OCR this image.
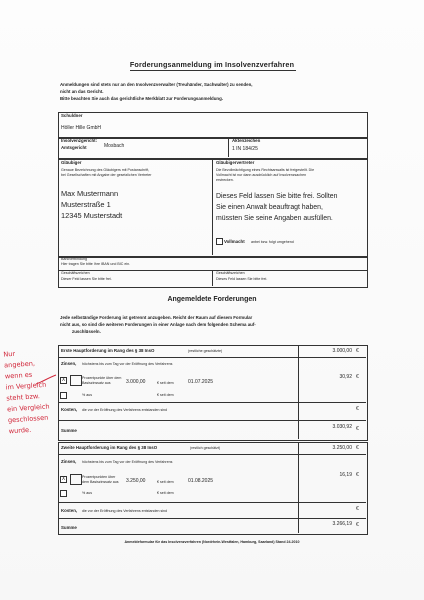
Forderungsanmeldung im Insolvenzverfahren
Anmeldungen sind stets nur an den Insolvenzverwalter (Treuhänder, Sachwalter) zu senden,
nicht an das Gericht.
Bitte beachten Sie auch das gerichtliche Merkblatt zur Forderungsanmeldung.
Schuldner
Höller Hille GmbH
Insolvenzgericht:
Amtsgericht	Mosbach
Aktenzeichen
1 IN 184/25
Gläubiger
Genaue Bezeichnung des Gläubigers mit Postanschrift,
bei Gesellschaften mit Angabe der gesetzlichen Vertreter
Max Mustermann
Musterstraße 1
12345 Musterstadt
Gläubigervertreter
Die Bevollmächtigung eines Rechtsanwalts ist freigestellt. Die
Vollmacht ist nur dann ausdrücklich auf Insolvenzsachen
erstrecken.
Dieses Feld lassen Sie bitte frei. Sollten
Sie einen Anwalt beauftragt haben,
müssten Sie seine Angaben ausfüllen.
Vollmacht anbei bzw. folgt umgehend
Bankverbindung
Hier tragen Sie bitte Ihre IBAN und BIC ein.
Geschäftszeichen
Dieser Feld lassen Sie bitte frei.
Geschäftszeichen
Dieses Feld lassen Sie bitte frei.
Angemeldete Forderungen
Jede selbständige Forderung ist getrennt anzugeben. Reicht der Raum auf diesem Formular
nicht aus, so sind die weiteren Forderungen in einer Anlage nach dem folgenden Schema auf-
zuschlüsseln.
Erste Hauptforderung im Rang des § 38 InsO	(restliche geschätzte)	3.000,00 €
Zinsen, höchstens bis zum Tag vor der Eröffnung des Verfahrens
30,92 €
X	Prozentpunkte über dem
Basiszinssatz aus	3.000,00	€ seit dem	01.07.2025
% aus	€ seit dem
Kosten, die vor der Eröffnung des Verfahrens entstanden sind	€
Summe
3.030,92 €
Zweite Hauptforderung im Rang des § 38 InsO	(restlich geschätzt)	3.250,00 €
Zinsen, höchstens bis zum Tag vor der Eröffnung des Verfahrens
16,19 €
X	Prozentpunkten über
dem Basiszinssatz aus 3.250,00	€ seit dem	01.08.2025
% aus	€ seit dem
Kosten, die vor der Eröffnung des Verfahrens entstanden sind	€
Summe
3.266,19 €
Anmeldeformular für das Insolvenzverfahren (Nordrhein-Westfalen, Hamburg, Saarland) Stand 24.2010
Nur
angeben,
wenn es
im Vergleich
steht bzw.
ein Vergleich
geschlossen
wurde.
